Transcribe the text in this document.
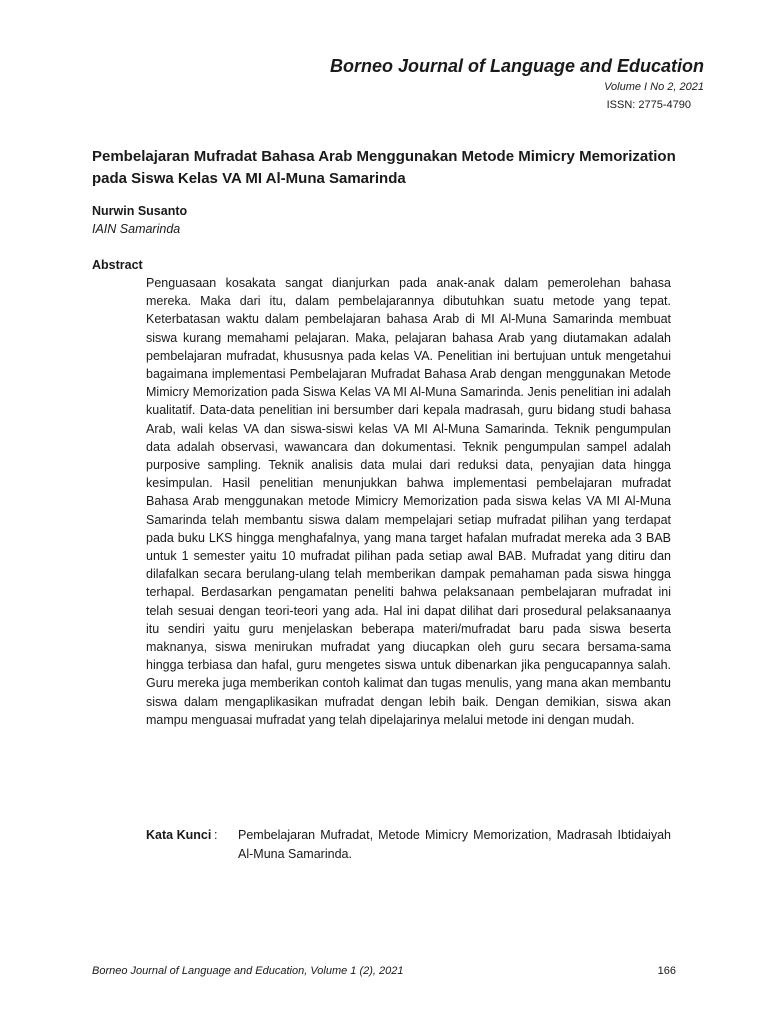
Borneo Journal of Language and Education
Volume I No 2, 2021
ISSN: 2775-4790
Pembelajaran Mufradat Bahasa Arab Menggunakan Metode Mimicry Memorization pada Siswa Kelas VA MI Al-Muna Samarinda
Nurwin Susanto
IAIN Samarinda
Abstract

Penguasaan kosakata sangat dianjurkan pada anak-anak dalam pemerolehan bahasa mereka. Maka dari itu, dalam pembelajarannya dibutuhkan suatu metode yang tepat. Keterbatasan waktu dalam pembelajaran bahasa Arab di MI Al-Muna Samarinda membuat siswa kurang memahami pelajaran. Maka, pelajaran bahasa Arab yang diutamakan adalah pembelajaran mufradat, khususnya pada kelas VA. Penelitian ini bertujuan untuk mengetahui bagaimana implementasi Pembelajaran Mufradat Bahasa Arab dengan menggunakan Metode Mimicry Memorization pada Siswa Kelas VA MI Al-Muna Samarinda. Jenis penelitian ini adalah kualitatif. Data-data penelitian ini bersumber dari kepala madrasah, guru bidang studi bahasa Arab, wali kelas VA dan siswa-siswi kelas VA MI Al-Muna Samarinda. Teknik pengumpulan data adalah observasi, wawancara dan dokumentasi. Teknik pengumpulan sampel adalah purposive sampling. Teknik analisis data mulai dari reduksi data, penyajian data hingga kesimpulan. Hasil penelitian menunjukkan bahwa implementasi pembelajaran mufradat Bahasa Arab menggunakan metode Mimicry Memorization pada siswa kelas VA MI Al-Muna Samarinda telah membantu siswa dalam mempelajari setiap mufradat pilihan yang terdapat pada buku LKS hingga menghafalnya, yang mana target hafalan mufradat mereka ada 3 BAB untuk 1 semester yaitu 10 mufradat pilihan pada setiap awal BAB. Mufradat yang ditiru dan dilafalkan secara berulang-ulang telah memberikan dampak pemahaman pada siswa hingga terhapal. Berdasarkan pengamatan peneliti bahwa pelaksanaan pembelajaran mufradat ini telah sesuai dengan teori-teori yang ada. Hal ini dapat dilihat dari prosedural pelaksanaanya itu sendiri yaitu guru menjelaskan beberapa materi/mufradat baru pada siswa beserta maknanya, siswa menirukan mufradat yang diucapkan oleh guru secara bersama-sama hingga terbiasa dan hafal, guru mengetes siswa untuk dibenarkan jika pengucapannya salah. Guru mereka juga memberikan contoh kalimat dan tugas menulis, yang mana akan membantu siswa dalam mengaplikasikan mufradat dengan lebih baik. Dengan demikian, siswa akan mampu menguasai mufradat yang telah dipelajarinya melalui metode ini dengan mudah.

Kata Kunci :	Pembelajaran Mufradat, Metode Mimicry Memorization, Madrasah Ibtidaiyah Al-Muna Samarinda.
Borneo Journal of Language and Education, Volume 1 (2), 2021	166
